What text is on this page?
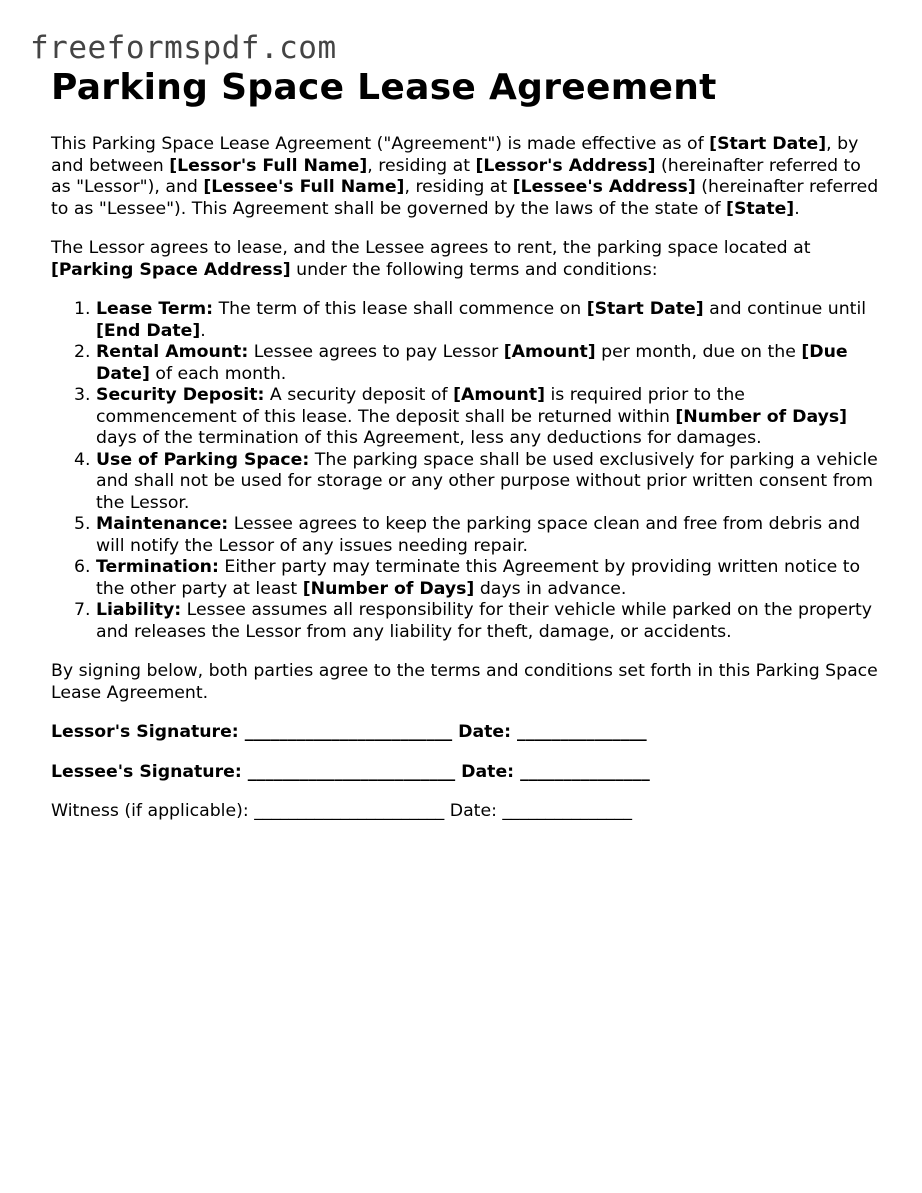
freeformspdf.com
Parking Space Lease Agreement

This Parking Space Lease Agreement ("Agreement") is made effective as of [Start Date], by and between [Lessor's Full Name], residing at [Lessor's Address] (hereinafter referred to as "Lessor"), and [Lessee's Full Name], residing at [Lessee's Address] (hereinafter referred to as "Lessee"). This Agreement shall be governed by the laws of the state of [State].

The Lessor agrees to lease, and the Lessee agrees to rent, the parking space located at [Parking Space Address] under the following terms and conditions:

1. Lease Term: The term of this lease shall commence on [Start Date] and continue until [End Date].
2. Rental Amount: Lessee agrees to pay Lessor [Amount] per month, due on the [Due Date] of each month.
3. Security Deposit: A security deposit of [Amount] is required prior to the commencement of this lease. The deposit shall be returned within [Number of Days] days of the termination of this Agreement, less any deductions for damages.
4. Use of Parking Space: The parking space shall be used exclusively for parking a vehicle and shall not be used for storage or any other purpose without prior written consent from the Lessor.
5. Maintenance: Lessee agrees to keep the parking space clean and free from debris and will notify the Lessor of any issues needing repair.
6. Termination: Either party may terminate this Agreement by providing written notice to the other party at least [Number of Days] days in advance.
7. Liability: Lessee assumes all responsibility for their vehicle while parked on the property and releases the Lessor from any liability for theft, damage, or accidents.

By signing below, both parties agree to the terms and conditions set forth in this Parking Space Lease Agreement.

Lessor's Signature: ________________________ Date: _______________
Lessee's Signature: ________________________ Date: _______________
Witness (if applicable): ______________________ Date: _______________
